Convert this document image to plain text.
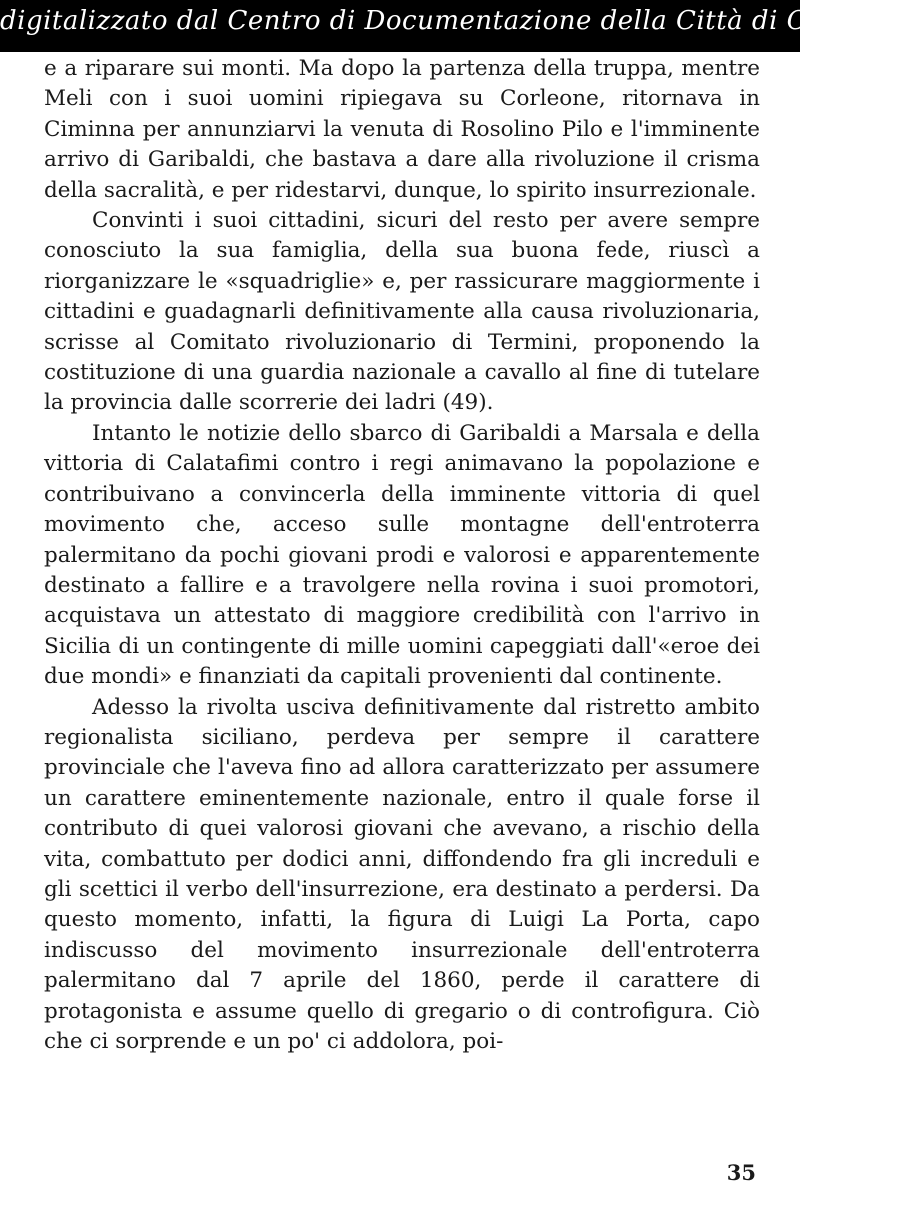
digitalizzato dal Centro di Documentazione della Città di Canicattì

e a riparare sui monti. Ma dopo la partenza della truppa, mentre Meli con i suoi uomini ripiegava su Corleone, ritornava in Ciminna per annunziarvi la venuta di Rosolino Pilo e l'imminente arrivo di Garibaldi, che bastava a dare alla rivoluzione il crisma della sacralità, e per ridestarvi, dunque, lo spirito insurrezionale.

Convinti i suoi cittadini, sicuri del resto per avere sempre conosciuto la sua famiglia, della sua buona fede, riuscì a riorganizzare le «squadriglie» e, per rassicurare maggiormente i cittadini e guadagnarli definitivamente alla causa rivoluzionaria, scrisse al Comitato rivoluzionario di Termini, proponendo la costituzione di una guardia nazionale a cavallo al fine di tutelare la provincia dalle scorrerie dei ladri (49).

Intanto le notizie dello sbarco di Garibaldi a Marsala e della vittoria di Calatafimi contro i regi animavano la popolazione e contribuivano a convincerla della imminente vittoria di quel movimento che, acceso sulle montagne dell'entroterra palermitano da pochi giovani prodi e valorosi e apparentemente destinato a fallire e a travolgere nella rovina i suoi promotori, acquistava un attestato di maggiore credibilità con l'arrivo in Sicilia di un contingente di mille uomini capeggiati dall'«eroe dei due mondi» e finanziati da capitali provenienti dal continente.

Adesso la rivolta usciva definitivamente dal ristretto ambito regionalista siciliano, perdeva per sempre il carattere provinciale che l'aveva fino ad allora caratterizzato per assumere un carattere eminentemente nazionale, entro il quale forse il contributo di quei valorosi giovani che avevano, a rischio della vita, combattuto per dodici anni, diffondendo fra gli increduli e gli scettici il verbo dell'insurrezione, era destinato a perdersi. Da questo momento, infatti, la figura di Luigi La Porta, capo indiscusso del movimento insurrezionale dell'entroterra palermitano dal 7 aprile del 1860, perde il carattere di protagonista e assume quello di gregario o di controfigura. Ciò che ci sorprende e un po' ci addolora, poi-

35
